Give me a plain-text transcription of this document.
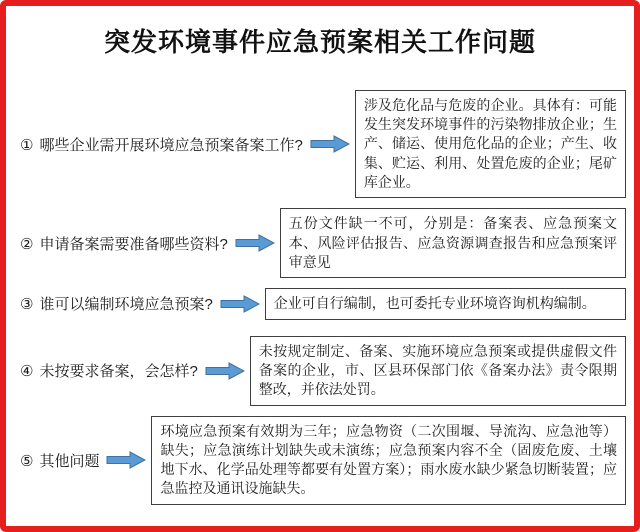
突发环境事件应急预案相关工作问题
① 哪些企业需开展环境应急预案备案工作?
涉及危化品与危废的企业。具体有：可能发生突发环境事件的污染物排放企业；生产、储运、使用危化品的企业；产生、收集、贮运、利用、处置危废的企业；尾矿库企业。
② 申请备案需要准备哪些资料?
五份文件缺一不可，分别是：备案表、应急预案文本、风险评估报告、应急资源调查报告和应急预案评审意见
③ 谁可以编制环境应急预案?	企业可自行编制，也可委托专业环境咨询机构编制。
④ 未按要求备案，会怎样?
未按规定制定、备案、实施环境应急预案或提供虚假文件备案的企业，市、区县环保部门依《备案办法》责令限期整改，并依法处罚。
⑤ 其他问题
环境应急预案有效期为三年；应急物资（二次围堰、导流沟、应急池等）缺失；应急演练计划缺失或未演练；应急预案内容不全（固废危废、土壤地下水、化学品处理等都要有处置方案）；雨水废水缺少紧急切断装置；应急监控及通讯设施缺失。
